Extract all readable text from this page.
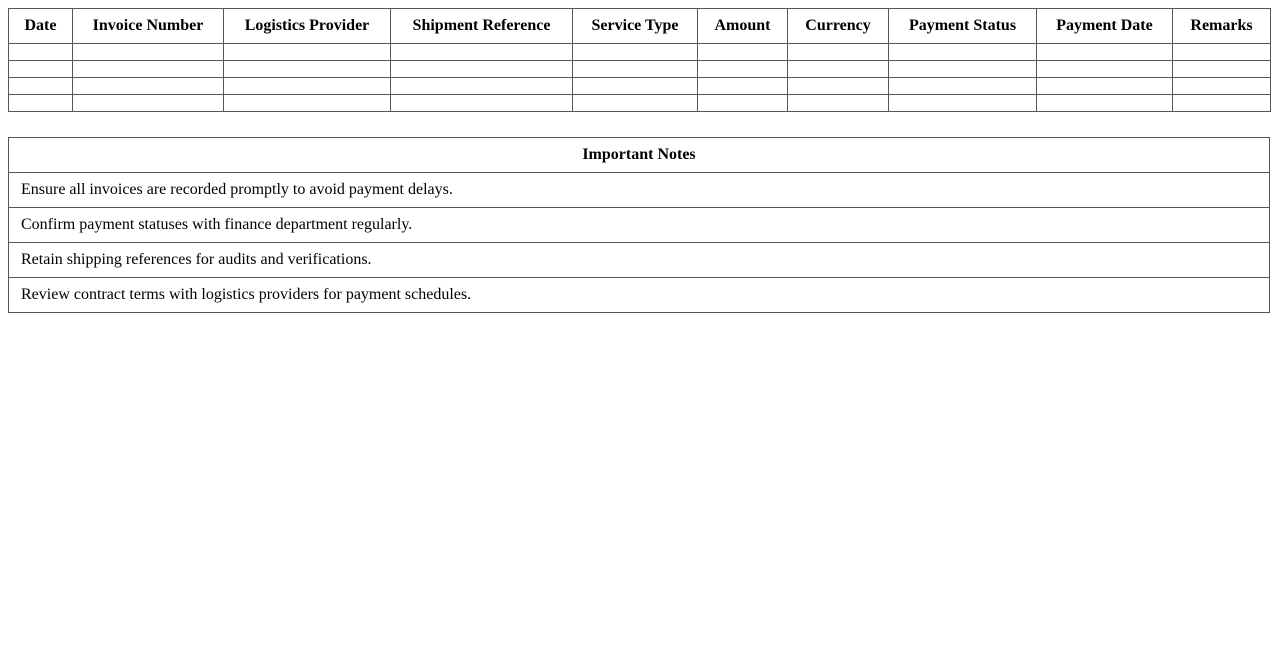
Date	Invoice Number	Logistics Provider	Shipment Reference	Service Type	Amount	Currency	Payment Status	Payment Date	Remarks

Important Notes
Ensure all invoices are recorded promptly to avoid payment delays.
Confirm payment statuses with finance department regularly.
Retain shipping references for audits and verifications.
Review contract terms with logistics providers for payment schedules.
